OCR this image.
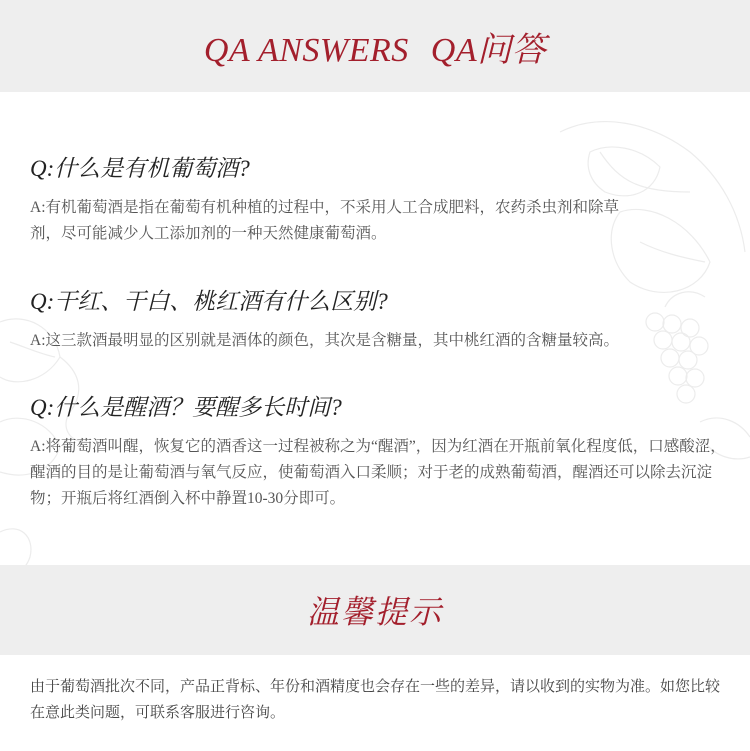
QA ANSWERS QA问答

Q:什么是有机葡萄酒?

A:有机葡萄酒是指在葡萄有机种植的过程中，不采用人工合成肥料，农药杀虫剂和除草剂，尽可能减少人工添加剂的一种天然健康葡萄酒。

Q:干红、干白、桃红酒有什么区别?

A:这三款酒最明显的区别就是酒体的颜色，其次是含糖量，其中桃红酒的含糖量较高。

Q:什么是醒酒？要醒多长时间?

A:将葡萄酒叫醒，恢复它的酒香这一过程被称之为“醒酒”，因为红酒在开瓶前氧化程度低，口感酸涩，醒酒的目的是让葡萄酒与氧气反应，使葡萄酒入口柔顺；对于老的成熟葡萄酒，醒酒还可以除去沉淀物；开瓶后将红酒倒入杯中静置10-30分即可。

温馨提示

由于葡萄酒批次不同，产品正背标、年份和酒精度也会存在一些的差异，请以收到的实物为准。如您比较在意此类问题，可联系客服进行咨询。
